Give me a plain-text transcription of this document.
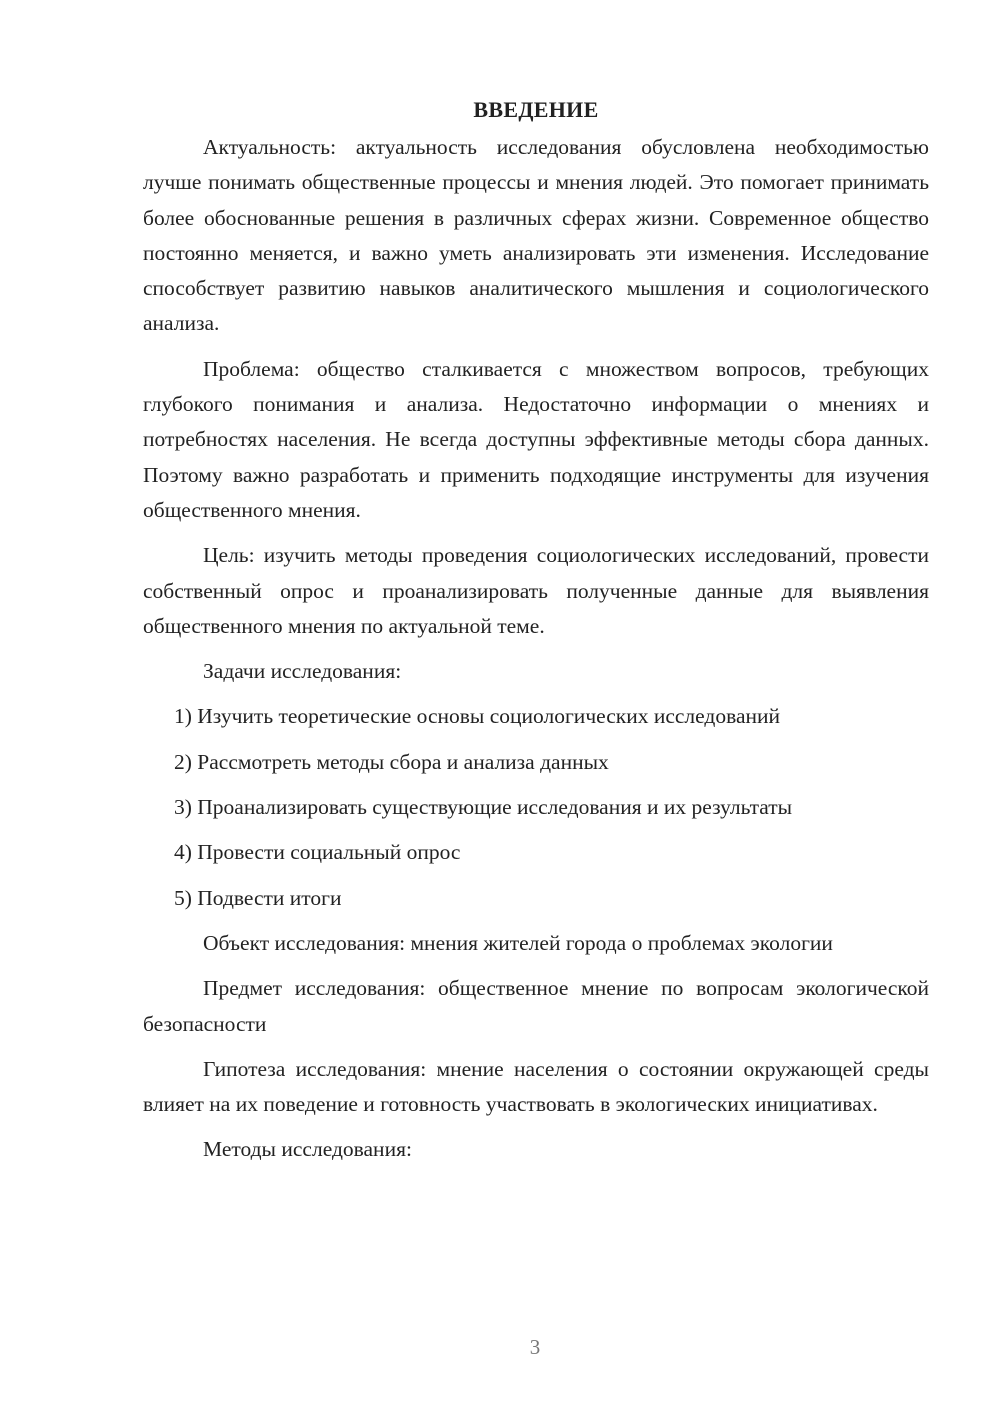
ВВЕДЕНИЕ

Актуальность: актуальность исследования обусловлена необходимостью лучше понимать общественные процессы и мнения людей. Это помогает принимать более обоснованные решения в различных сферах жизни. Современное общество постоянно меняется, и важно уметь анализировать эти изменения. Исследование способствует развитию навыков аналитического мышления и социологического анализа.

Проблема: общество сталкивается с множеством вопросов, требующих глубокого понимания и анализа. Недостаточно информации о мнениях и потребностях населения. Не всегда доступны эффективные методы сбора данных. Поэтому важно разработать и применить подходящие инструменты для изучения общественного мнения.

Цель: изучить методы проведения социологических исследований, провести собственный опрос и проанализировать полученные данные для выявления общественного мнения по актуальной теме.

Задачи исследования:

1) Изучить теоретические основы социологических исследований
2) Рассмотреть методы сбора и анализа данных
3) Проанализировать существующие исследования и их результаты
4) Провести социальный опрос
5) Подвести итоги

Объект исследования: мнения жителей города о проблемах экологии

Предмет исследования: общественное мнение по вопросам экологической безопасности

Гипотеза исследования: мнение населения о состоянии окружающей среды влияет на их поведение и готовность участвовать в экологических инициативах.

Методы исследования:

3
